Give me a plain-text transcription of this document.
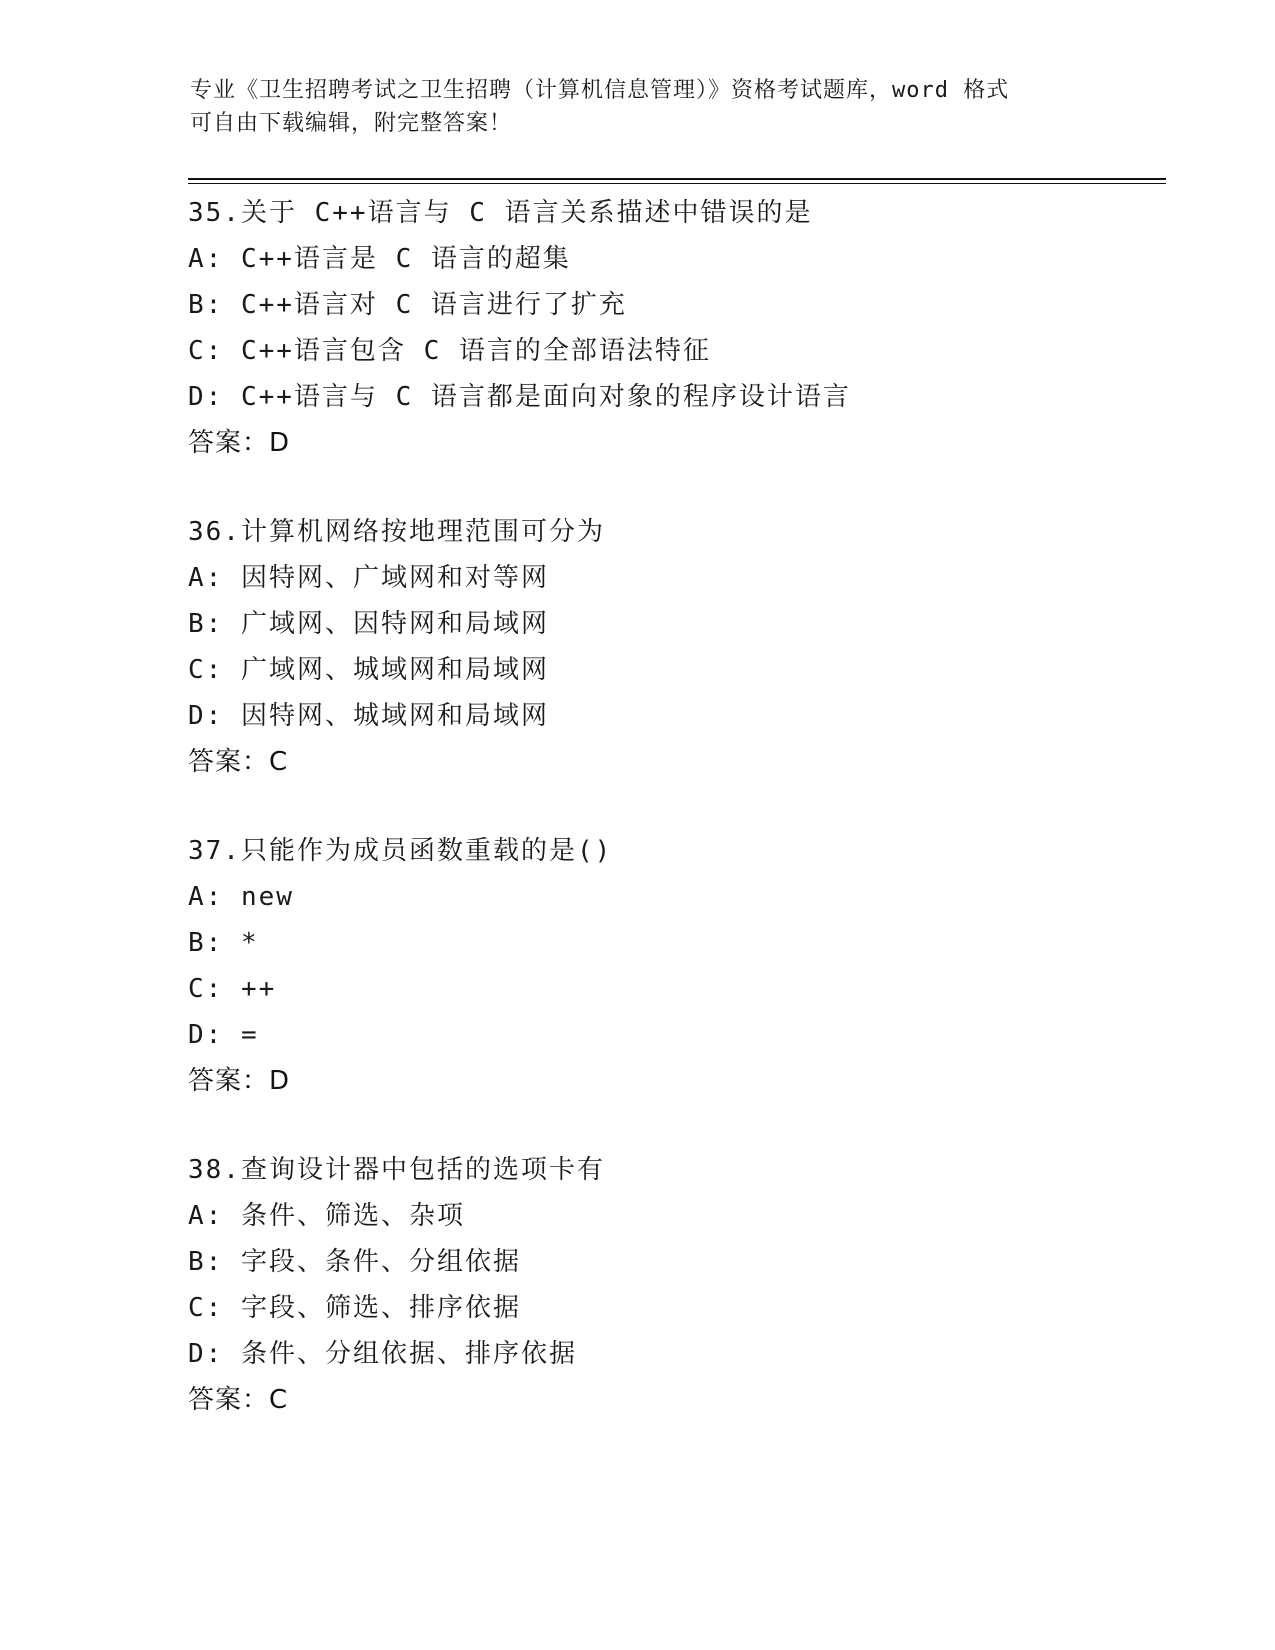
专业《卫生招聘考试之卫生招聘（计算机信息管理）》资格考试题库，word 格式
可自由下载编辑，附完整答案！
35.关于 C++语言与 C 语言关系描述中错误的是
A: C++语言是 C 语言的超集
B: C++语言对 C 语言进行了扩充
C: C++语言包含 C 语言的全部语法特征
D: C++语言与 C 语言都是面向对象的程序设计语言
答案：D
36.计算机网络按地理范围可分为
A: 因特网、广域网和对等网
B: 广域网、因特网和局域网
C: 广域网、城域网和局域网
D: 因特网、城域网和局域网
答案：C
37.只能作为成员函数重载的是()
A: new
B: *
C: ++
D: =
答案：D
38.查询设计器中包括的选项卡有
A: 条件、筛选、杂项
B: 字段、条件、分组依据
C: 字段、筛选、排序依据
D: 条件、分组依据、排序依据
答案：C
